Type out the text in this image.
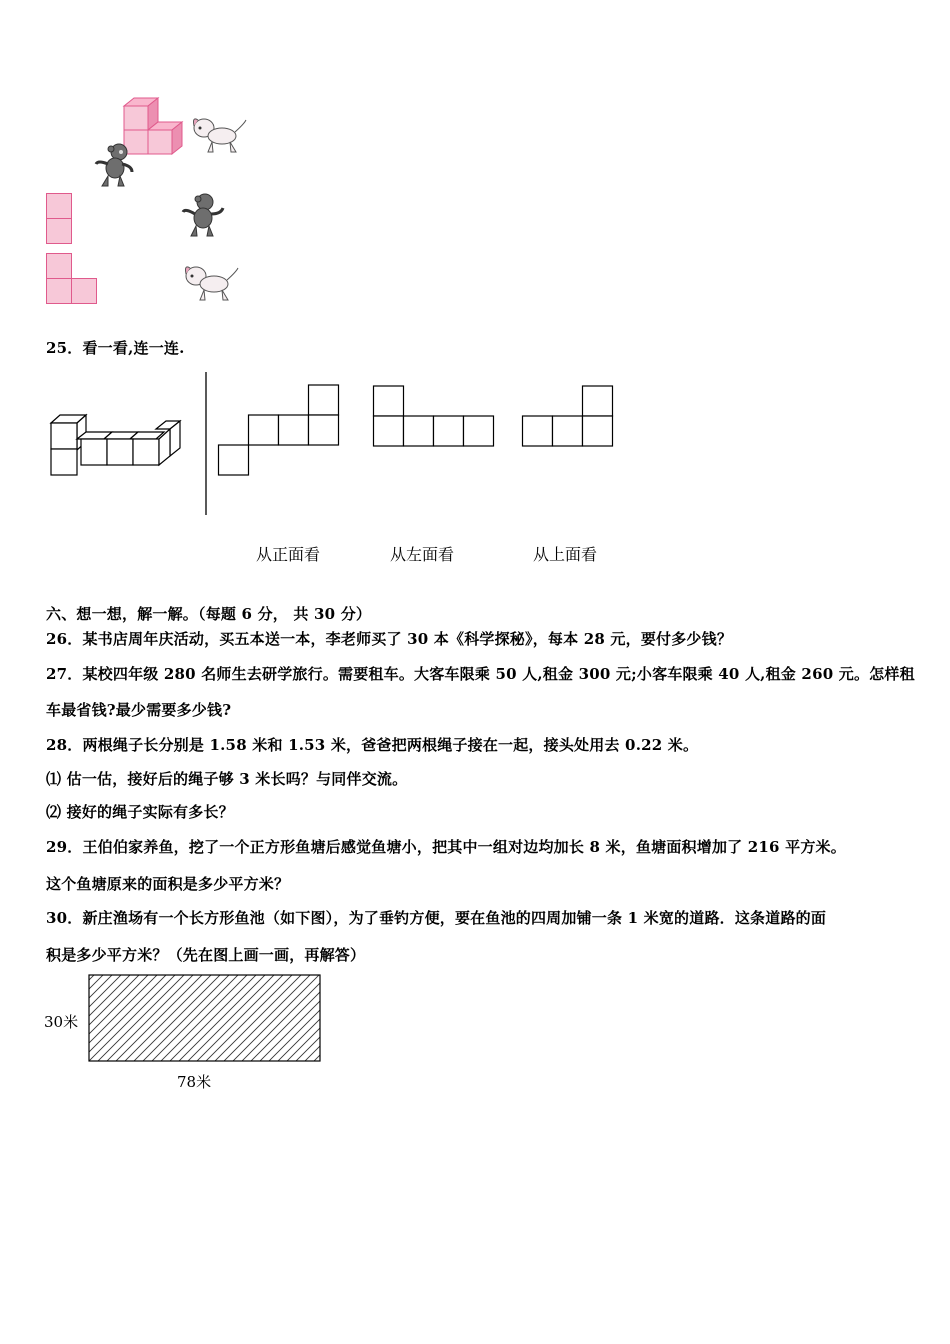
25．看一看,连一连.
从正面看	从左面看	从上面看
六、想一想，解一解。（每题 6 分， 共 30 分）
26．某书店周年庆活动，买五本送一本，李老师买了 30 本《科学探秘》，每本 28 元，要付多少钱？
27．某校四年级 280 名师生去研学旅行。需要租车。大客车限乘 50 人,租金 300 元;小客车限乘 40 人,租金 260 元。怎样租
车最省钱?最少需要多少钱?
28．两根绳子长分别是 1.58 米和 1.53 米，爸爸把两根绳子接在一起，接头处用去 0.22 米。
⑴ 估一估，接好后的绳子够 3 米长吗？与同伴交流。
⑵ 接好的绳子实际有多长？
29．王伯伯家养鱼，挖了一个正方形鱼塘后感觉鱼塘小，把其中一组对边均加长 8 米，鱼塘面积增加了 216 平方米。
这个鱼塘原来的面积是多少平方米？
30．新庄渔场有一个长方形鱼池（如下图），为了垂钓方便，要在鱼池的四周加铺一条 1 米宽的道路．这条道路的面
积是多少平方米？（先在图上画一画，再解答）
30米
78米
